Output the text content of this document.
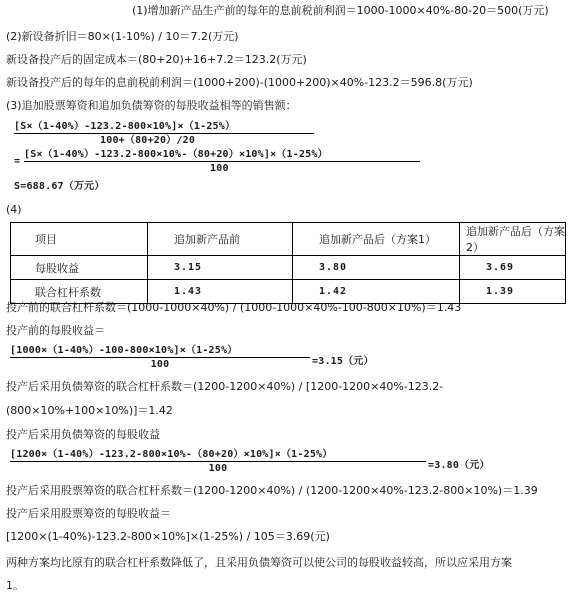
(1)增加新产品生产前的每年的息前税前利润＝1000-1000×40%-80-20＝500(万元)
(2)新设备折旧＝80×(1-10%) / 10＝7.2(万元)
新设备投产后的固定成本＝(80+20)+16+7.2＝123.2(万元)
新设备投产后的每年的息前税前利润＝(1000+200)-(1000+200)×40%-123.2＝596.8(万元)
(3)追加股票筹资和追加负债筹资的每股收益相等的销售额：
[S×（1-40%）-123.2-800×10%]×（1-25%）
100+（80+20）/20
=
[S×（1-40%）-123.2-800×10%-（80+20）×10%]×（1-25%）
100
S=688.67（万元）
(4)
项目	追加新产品前	追加新产品后（方案1）	追加新产品后（方案2）
每股收益	3.15	3.80	3.69
联合杠杆系数	1.43	1.42	1.39
投产前的联合杠杆系数＝(1000-1000×40%) / (1000-1000×40%-100-800×10%)＝1.43
投产前的每股收益＝
[1000×（1-40%）-100-800×10%]×（1-25%）
100	=3.15（元）
投产后采用负债筹资的联合杠杆系数＝(1200-1200×40%) / [1200-1200×40%-123.2-
(800×10%+100×10%)]＝1.42
投产后采用负债筹资的每股收益
[1200×（1-40%）-123.2-800×10%-（80+20）×10%]×（1-25%）
100	=3.80（元）
投产后采用股票筹资的联合杠杆系数＝(1200-1200×40%) / (1200-1200×40%-123.2-800×10%)＝1.39
投产后采用股票筹资的每股收益＝
[1200×(1-40%)-123.2-800×10%]×(1-25%) / 105＝3.69(元)
两种方案均比原有的联合杠杆系数降低了，且采用负债筹资可以使公司的每股收益较高，所以应采用方案
1。
